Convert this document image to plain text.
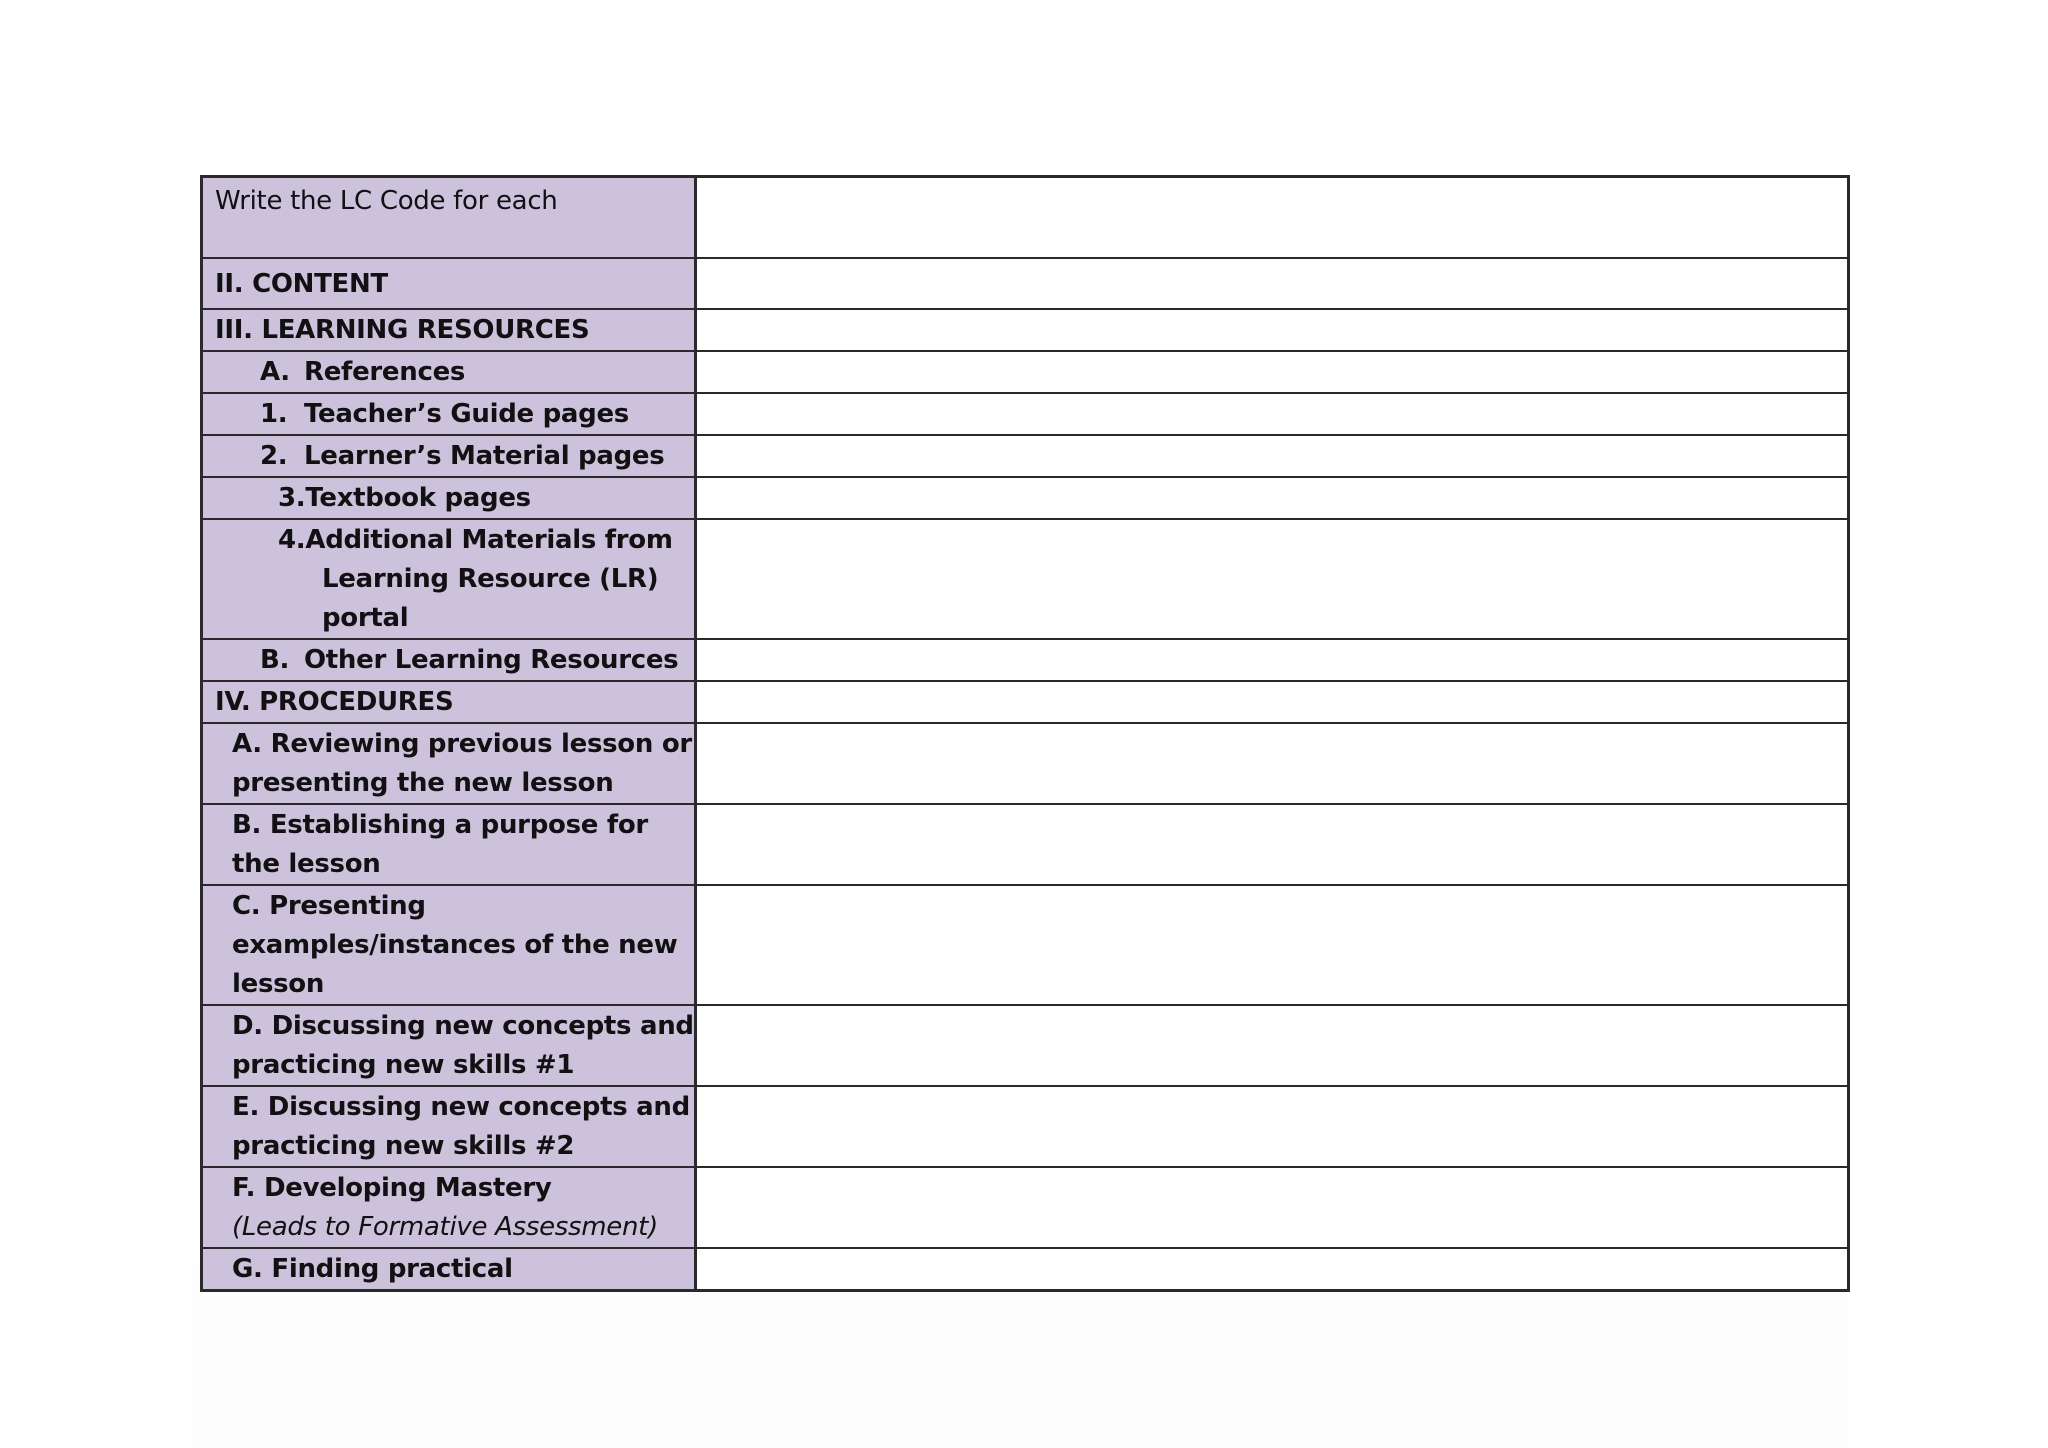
Write the LC Code for each	

II. CONTENT	

III. LEARNING RESOURCES	

A. References	

1. Teacher’s Guide pages	

2. Learner’s Material pages	

3.Textbook pages	

4.Additional Materials from
Learning Resource (LR)
portal	

B. Other Learning Resources	

IV. PROCEDURES	

A. Reviewing previous lesson or
presenting the new lesson	

B. Establishing a purpose for
the lesson	

C. Presenting
examples/instances of the new
lesson	

D. Discussing new concepts and
practicing new skills #1	

E. Discussing new concepts and
practicing new skills #2	

F. Developing Mastery
(Leads to Formative Assessment)	

G. Finding practical	
